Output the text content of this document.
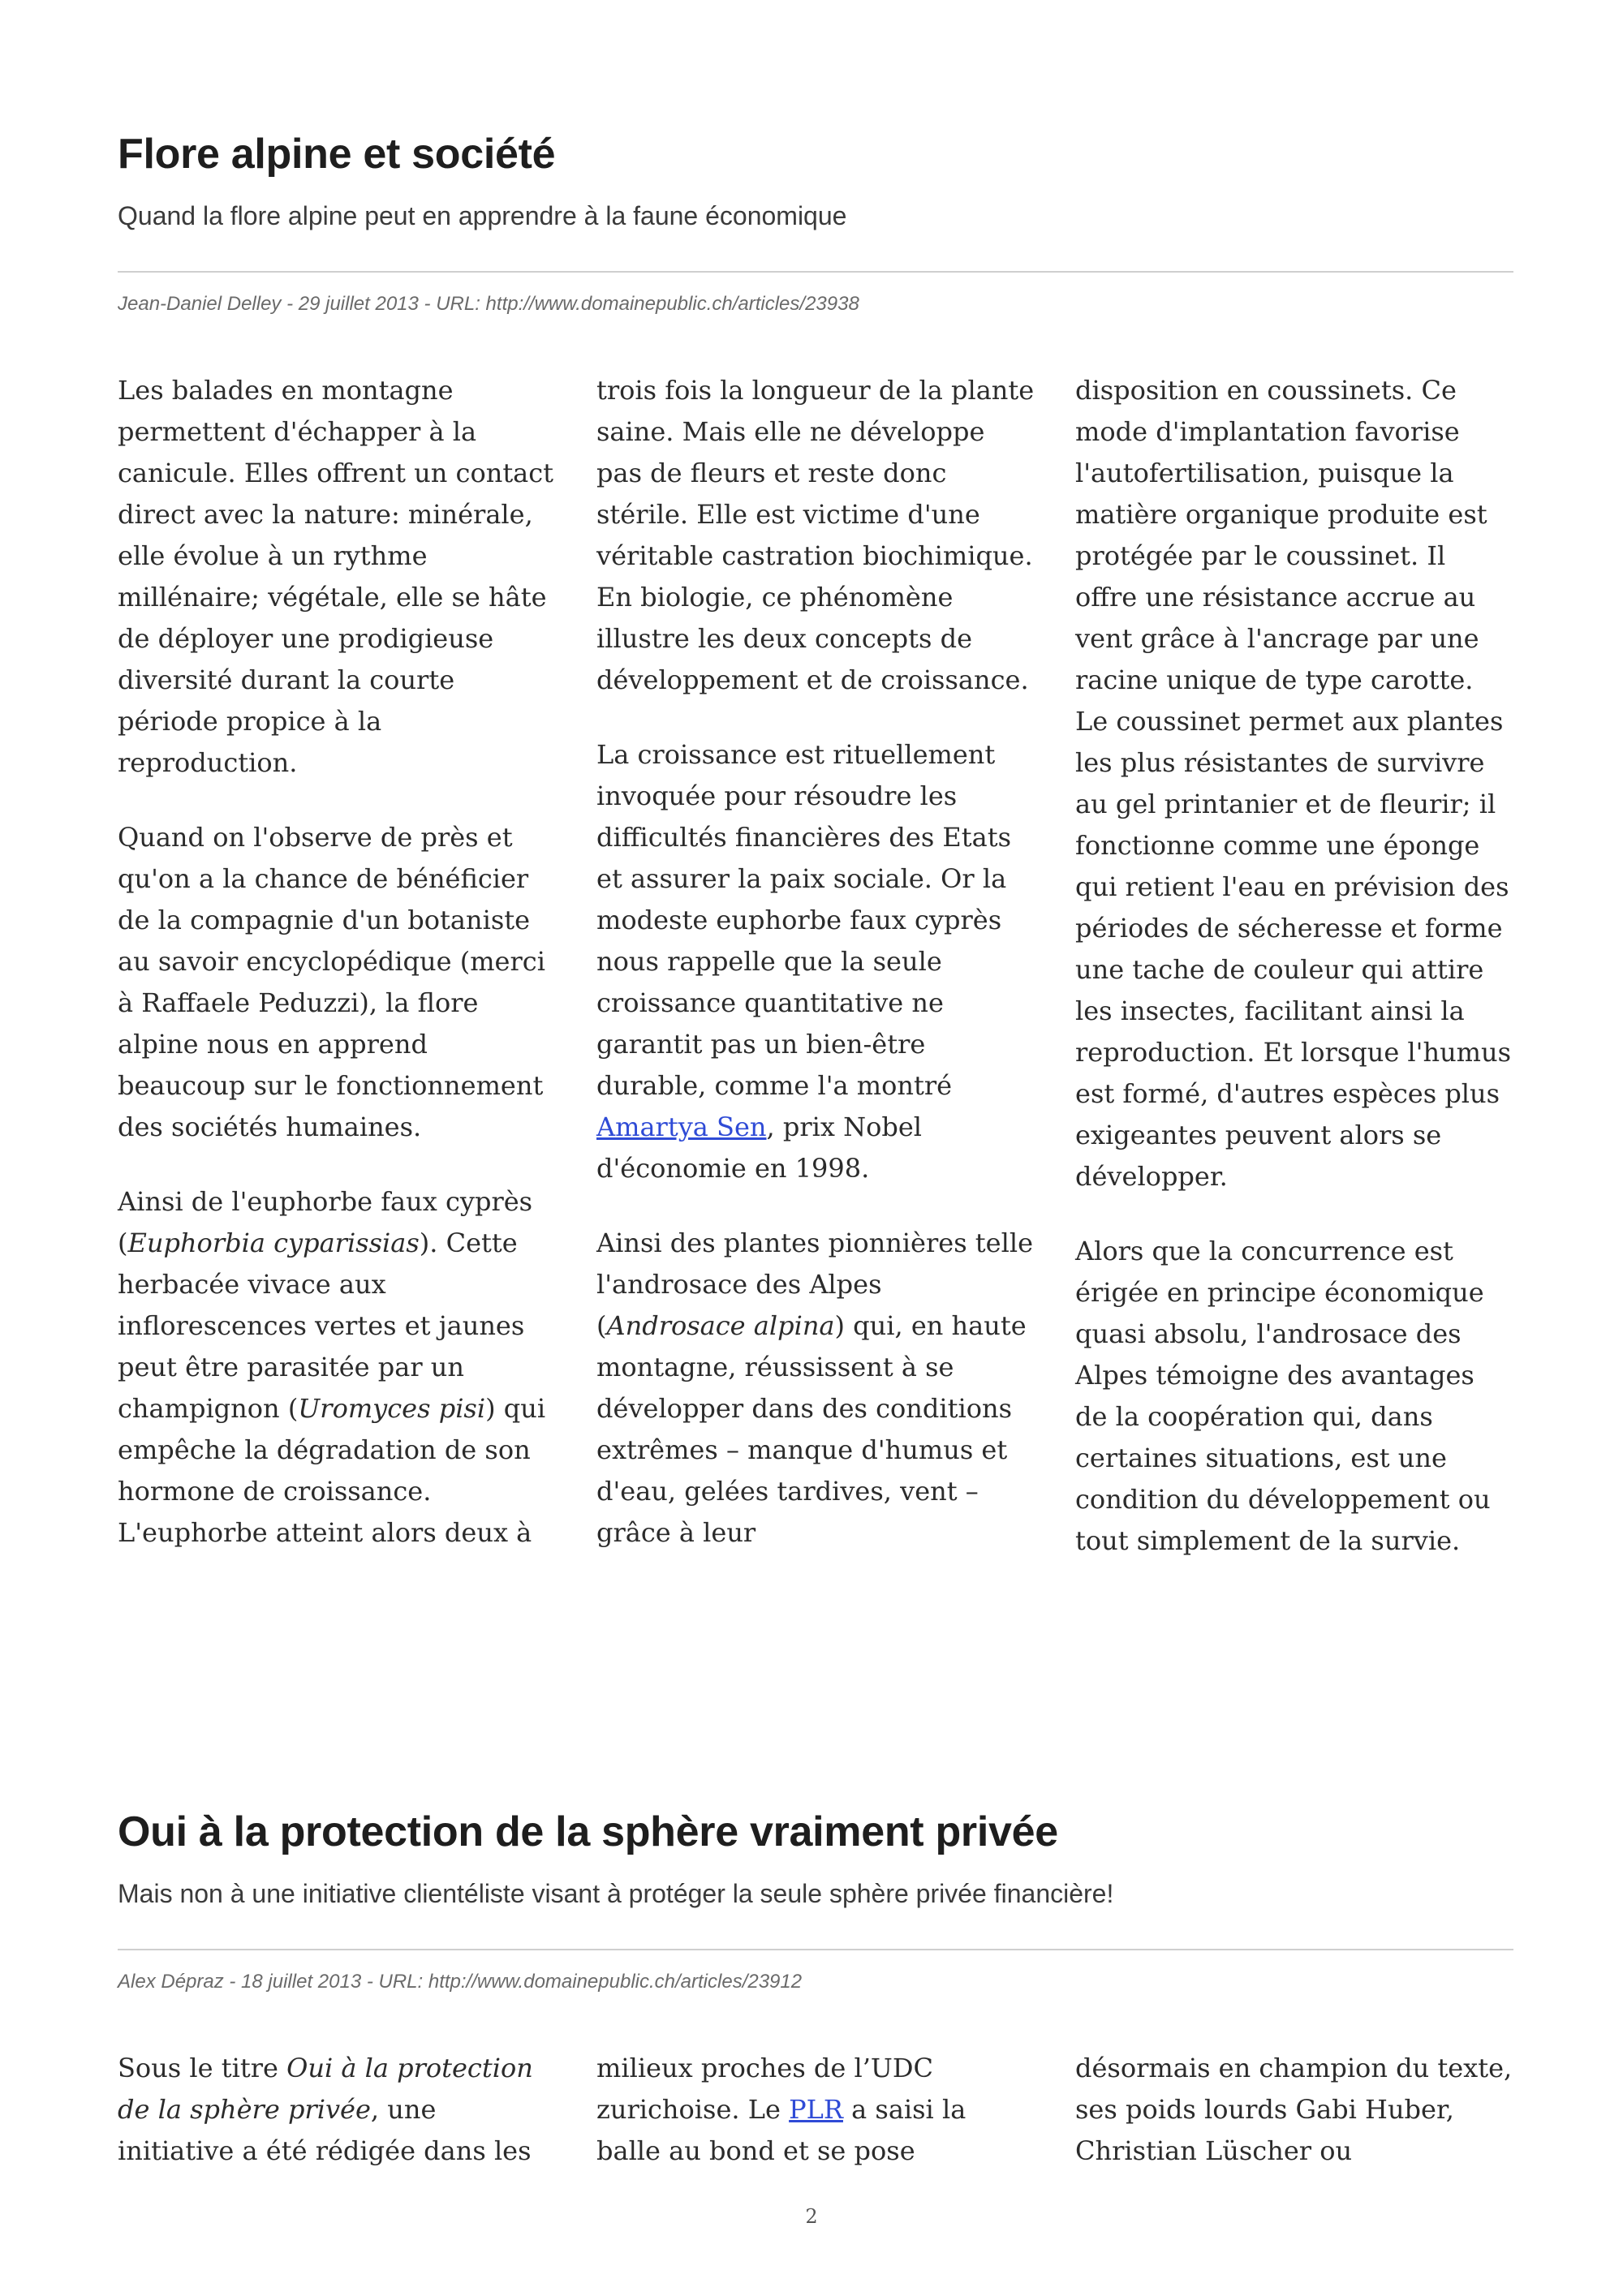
Flore alpine et société
Quand la flore alpine peut en apprendre à la faune économique
Jean-Daniel Delley - 29 juillet 2013 - URL: http://www.domainepublic.ch/articles/23938

Les balades en montagne permettent d'échapper à la canicule. Elles offrent un contact direct avec la nature: minérale, elle évolue à un rythme millénaire; végétale, elle se hâte de déployer une prodigieuse diversité durant la courte période propice à la reproduction.

Quand on l'observe de près et qu'on a la chance de bénéficier de la compagnie d'un botaniste au savoir encyclopédique (merci à Raffaele Peduzzi), la flore alpine nous en apprend beaucoup sur le fonctionnement des sociétés humaines.

Ainsi de l'euphorbe faux cyprès (Euphorbia cyparissias). Cette herbacée vivace aux inflorescences vertes et jaunes peut être parasitée par un champignon (Uromyces pisi) qui empêche la dégradation de son hormone de croissance. L'euphorbe atteint alors deux à

trois fois la longueur de la plante saine. Mais elle ne développe pas de fleurs et reste donc stérile. Elle est victime d'une véritable castration biochimique. En biologie, ce phénomène illustre les deux concepts de développement et de croissance.

La croissance est rituellement invoquée pour résoudre les difficultés financières des Etats et assurer la paix sociale. Or la modeste euphorbe faux cyprès nous rappelle que la seule croissance quantitative ne garantit pas un bien-être durable, comme l'a montré Amartya Sen, prix Nobel d'économie en 1998.

Ainsi des plantes pionnières telle l'androsace des Alpes (Androsace alpina) qui, en haute montagne, réussissent à se développer dans des conditions extrêmes – manque d'humus et d'eau, gelées tardives, vent – grâce à leur

disposition en coussinets. Ce mode d'implantation favorise l'autofertilisation, puisque la matière organique produite est protégée par le coussinet. Il offre une résistance accrue au vent grâce à l'ancrage par une racine unique de type carotte. Le coussinet permet aux plantes les plus résistantes de survivre au gel printanier et de fleurir; il fonctionne comme une éponge qui retient l'eau en prévision des périodes de sécheresse et forme une tache de couleur qui attire les insectes, facilitant ainsi la reproduction. Et lorsque l'humus est formé, d'autres espèces plus exigeantes peuvent alors se développer.

Alors que la concurrence est érigée en principe économique quasi absolu, l'androsace des Alpes témoigne des avantages de la coopération qui, dans certaines situations, est une condition du développement ou tout simplement de la survie.

Oui à la protection de la sphère vraiment privée
Mais non à une initiative clientéliste visant à protéger la seule sphère privée financière!
Alex Dépraz - 18 juillet 2013 - URL: http://www.domainepublic.ch/articles/23912

Sous le titre Oui à la protection de la sphère privée, une initiative a été rédigée dans les

milieux proches de l’UDC zurichoise. Le PLR a saisi la balle au bond et se pose

désormais en champion du texte, ses poids lourds Gabi Huber, Christian Lüscher ou

2
